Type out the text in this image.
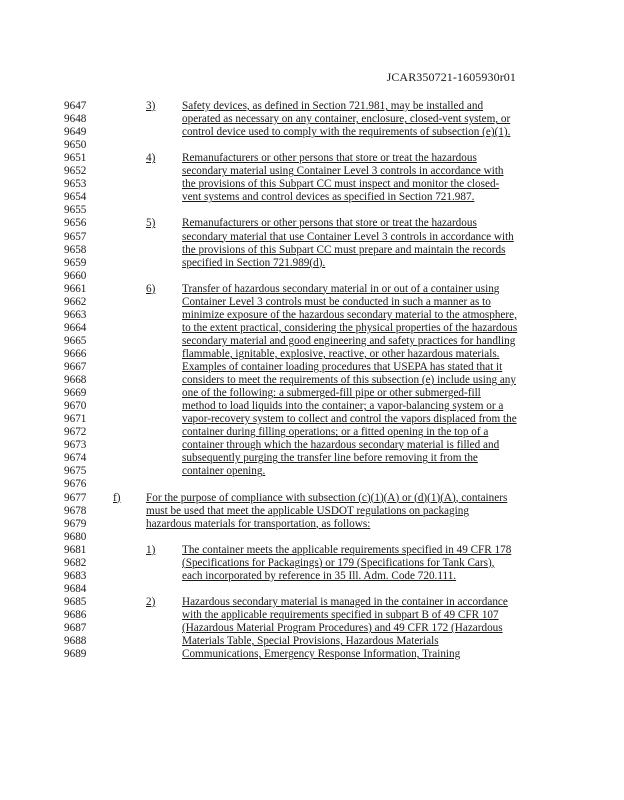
JCAR350721-1605930r01
9647	3) Safety devices, as defined in Section 721.981, may be installed and
9648	operated as necessary on any container, enclosure, closed-vent system, or
9649	control device used to comply with the requirements of subsection (e)(1).
9650
9651	4) Remanufacturers or other persons that store or treat the hazardous
9652	secondary material using Container Level 3 controls in accordance with
9653	the provisions of this Subpart CC must inspect and monitor the closed-
9654	vent systems and control devices as specified in Section 721.987.
9655
9656	5) Remanufacturers or other persons that store or treat the hazardous
9657	secondary material that use Container Level 3 controls in accordance with
9658	the provisions of this Subpart CC must prepare and maintain the records
9659	specified in Section 721.989(d).
9660
9661	6) Transfer of hazardous secondary material in or out of a container using
9662	Container Level 3 controls must be conducted in such a manner as to
9663	minimize exposure of the hazardous secondary material to the atmosphere,
9664	to the extent practical, considering the physical properties of the hazardous
9665	secondary material and good engineering and safety practices for handling
9666	flammable, ignitable, explosive, reactive, or other hazardous materials.
9667	Examples of container loading procedures that USEPA has stated that it
9668	considers to meet the requirements of this subsection (e) include using any
9669	one of the following: a submerged-fill pipe or other submerged-fill
9670	method to load liquids into the container; a vapor-balancing system or a
9671	vapor-recovery system to collect and control the vapors displaced from the
9672	container during filling operations; or a fitted opening in the top of a
9673	container through which the hazardous secondary material is filled and
9674	subsequently purging the transfer line before removing it from the
9675	container opening.
9676
9677 f) For the purpose of compliance with subsection (c)(1)(A) or (d)(1)(A), containers
9678	must be used that meet the applicable USDOT regulations on packaging
9679	hazardous materials for transportation, as follows:
9680
9681	1) The container meets the applicable requirements specified in 49 CFR 178
9682	(Specifications for Packagings) or 179 (Specifications for Tank Cars),
9683	each incorporated by reference in 35 Ill. Adm. Code 720.111.
9684
9685	2) Hazardous secondary material is managed in the container in accordance
9686	with the applicable requirements specified in subpart B of 49 CFR 107
9687	(Hazardous Material Program Procedures) and 49 CFR 172 (Hazardous
9688	Materials Table, Special Provisions, Hazardous Materials
9689	Communications, Emergency Response Information, Training
